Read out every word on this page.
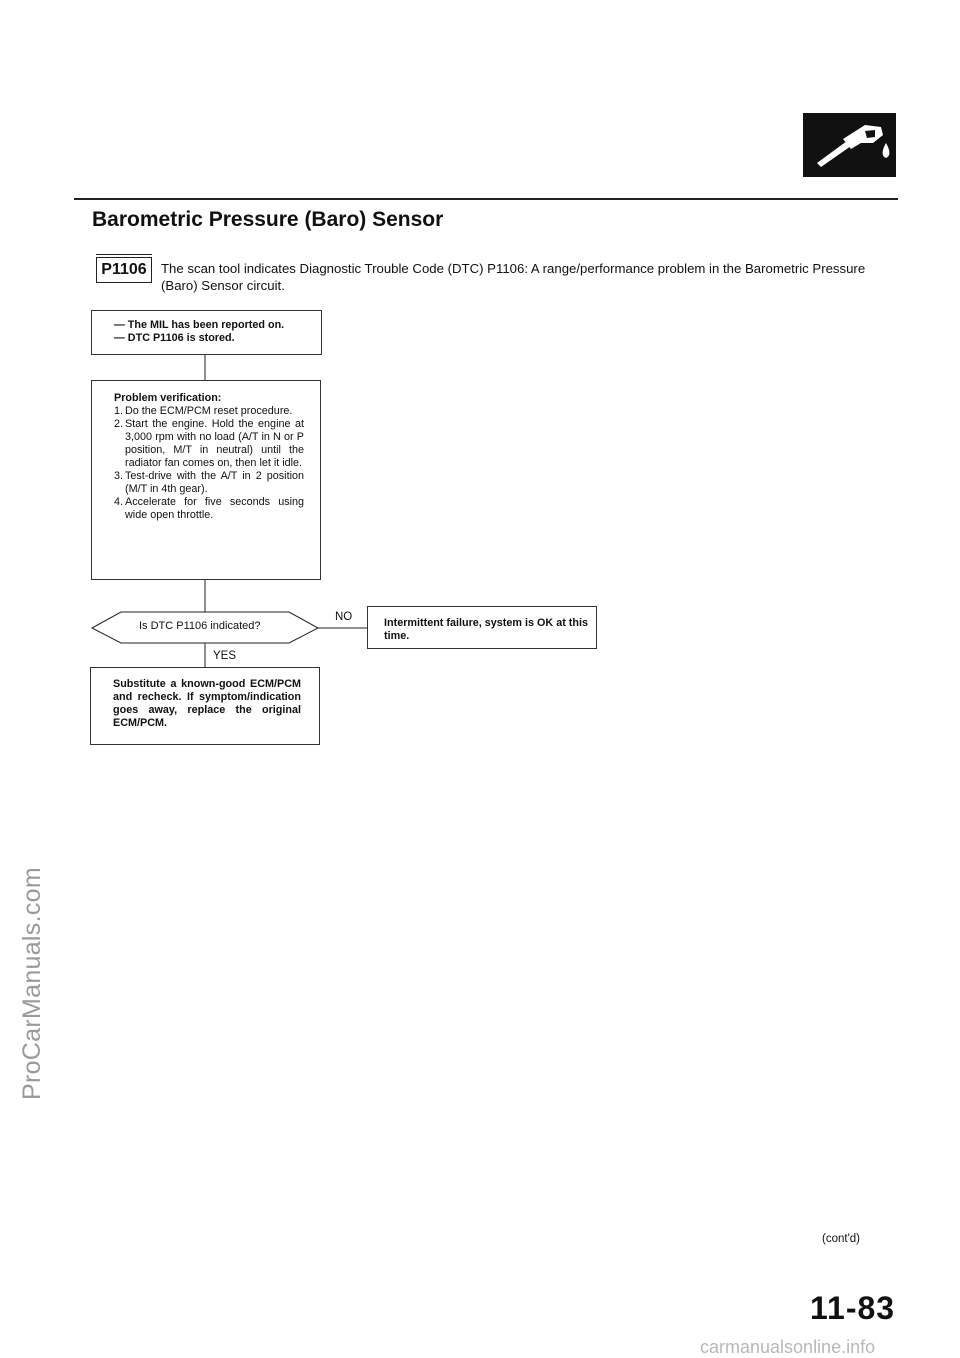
ProCarManuals.com
Barometric Pressure (Baro) Sensor
P1106	The scan tool indicates Diagnostic Trouble Code (DTC) P1106: A range/performance problem in the Barometric Pressure (Baro) Sensor circuit.
— The MIL has been reported on.
— DTC P1106 is stored.
Problem verification:
1. Do the ECM/PCM reset procedure.
2. Start the engine. Hold the engine at 3,000 rpm with no load (A/T in N or P position, M/T in neutral) until the radiator fan comes on, then let it idle.
3. Test-drive with the A/T in 2 position (M/T in 4th gear).
4. Accelerate for five seconds using wide open throttle.
Is DTC P1106 indicated?
NO
YES
Intermittent failure, system is OK at this time.
Substitute a known-good ECM/PCM and recheck. If symptom/indication goes away, replace the original ECM/PCM.
(cont'd)
11-83
carmanualsonline.info
